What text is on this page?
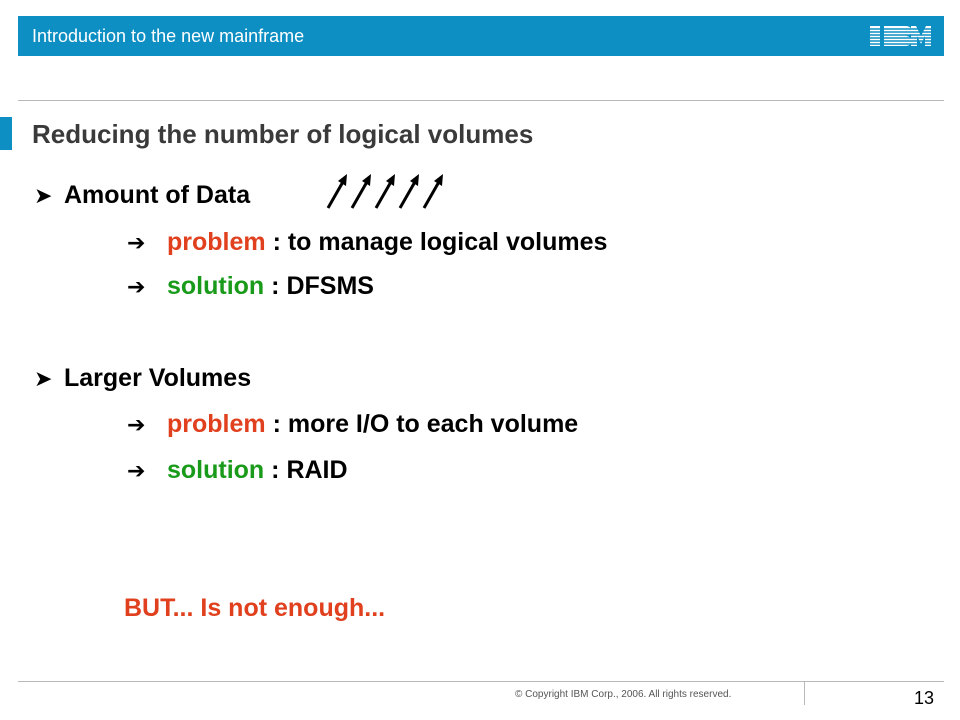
Introduction to the new mainframe
Reducing the number of logical volumes
➤ Amount of Data
➔ problem : to manage logical volumes
➔ solution : DFSMS
➤ Larger Volumes
➔ problem : more I/O to each volume
➔ solution : RAID
BUT... Is not enough...
© Copyright IBM Corp., 2006. All rights reserved.	13
